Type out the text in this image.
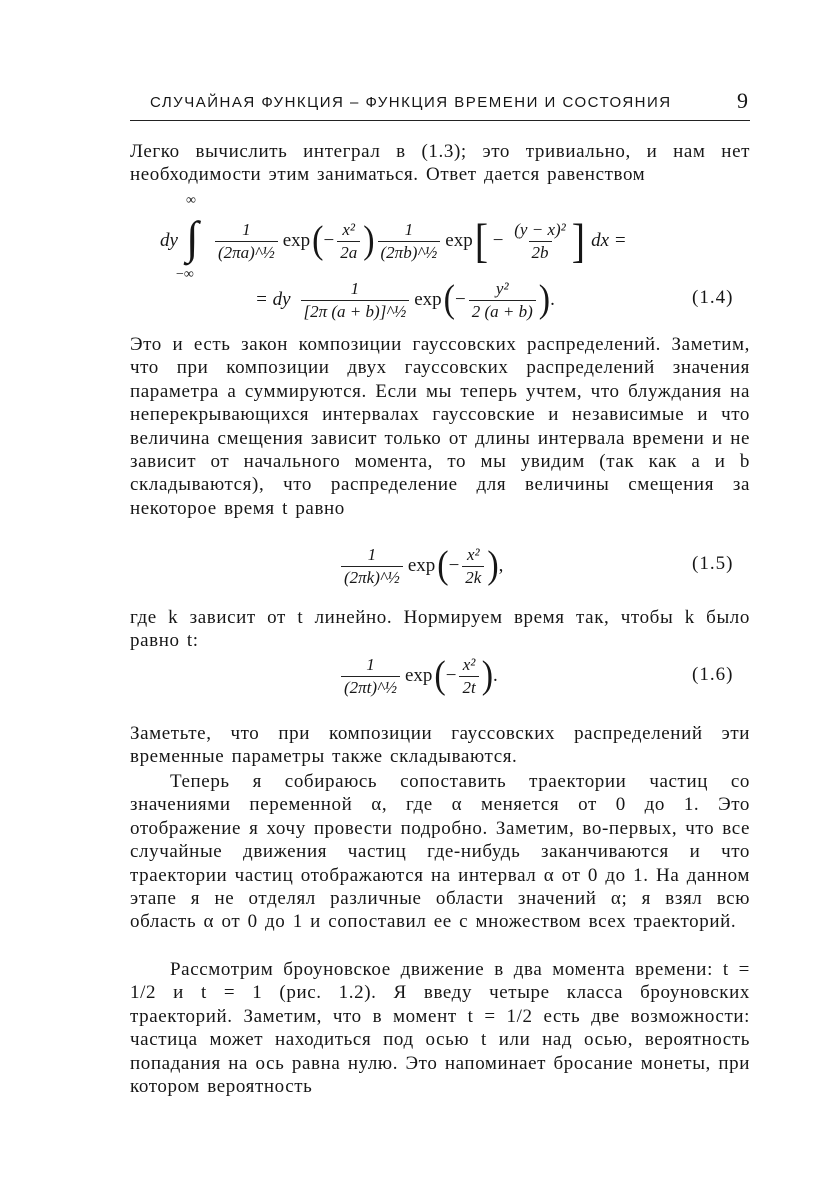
СЛУЧАЙНАЯ ФУНКЦИЯ – ФУНКЦИЯ ВРЕМЕНИ И СОСТОЯНИЯ	9
Легко вычислить интеграл в (1.3); это тривиально, и нам нет необходимости этим заниматься. Ответ дается равенством
dy
∞
∫
−∞
$\frac{1}{\text{(2πa)\textasciicircum{}½}}$ exp ( − $\frac{\text{x²}}{2a}$ ) $\frac{1}{\text{(2πb)\textasciicircum{}½}}$ exp [ − $\frac{\text{(y − x)²}}{2b}$ ] dx =
= dy $\frac{1}{\text{[2π (a + b)]\textasciicircum{}½}}$ exp ( − $\frac{\text{y²}}{2 (a + b)}$ ) .	(1.4)
Это и есть закон композиции гауссовских распределений. Заметим, что при композиции двух гауссовских распределений значения параметра a суммируются. Если мы теперь учтем, что блуждания на неперекрывающихся интервалах гауссовские и независимые и что величина смещения зависит только от длины интервала времени и не зависит от начального момента, то мы увидим (так как a и b складываются), что распределение для величины смещения за некоторое время t равно
$\frac{1}{\text{(2πk)\textasciicircum{}½}}$ exp ( − $\frac{\text{x²}}{2k}$ ) ,	(1.5)
где k зависит от t линейно. Нормируем время так, чтобы k было равно t:
$\frac{1}{\text{(2πt)\textasciicircum{}½}}$ exp ( − $\frac{\text{x²}}{2t}$ ) .	(1.6)
Заметьте, что при композиции гауссовских распределений эти временные параметры также складываются.
Теперь я собираюсь сопоставить траектории частиц со значениями переменной α, где α меняется от 0 до 1. Это отображение я хочу провести подробно. Заметим, во-первых, что все случайные движения частиц где-нибудь заканчиваются и что траектории частиц отображаются на интервал α от 0 до 1. На данном этапе я не отделял различные области значений α; я взял всю область α от 0 до 1 и сопоставил ее с множеством всех траекторий.
Рассмотрим броуновское движение в два момента времени: t = 1/2 и t = 1 (рис. 1.2). Я введу четыре класса броуновских траекторий. Заметим, что в момент t = 1/2 есть две возможности: частица может находиться под осью t или над осью, вероятность попадания на ось равна нулю. Это напоминает бросание монеты, при котором вероятность
